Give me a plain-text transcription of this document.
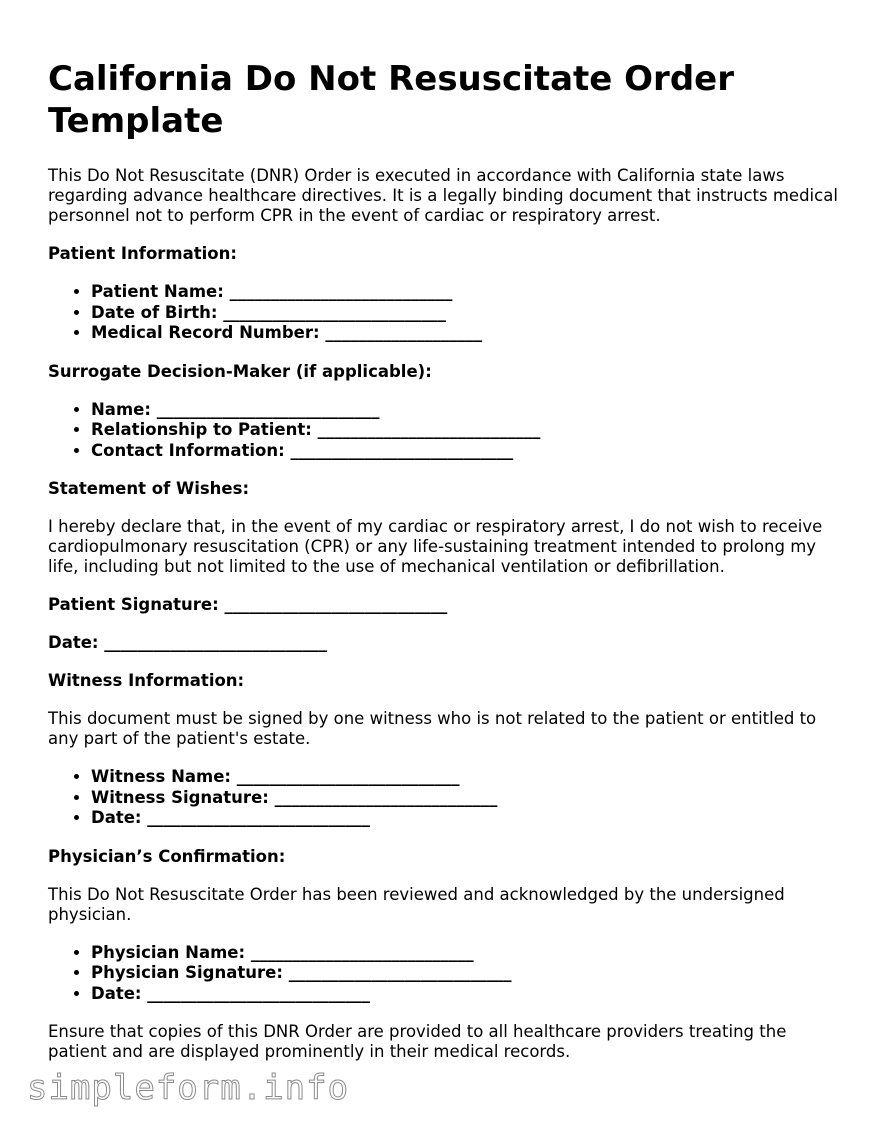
California Do Not Resuscitate Order Template

This Do Not Resuscitate (DNR) Order is executed in accordance with California state laws regarding advance healthcare directives. It is a legally binding document that instructs medical personnel not to perform CPR in the event of cardiac or respiratory arrest.

Patient Information:
• Patient Name: ___________________________
• Date of Birth: ___________________________
• Medical Record Number: ___________________
Surrogate Decision-Maker (if applicable):
• Name: ___________________________
• Relationship to Patient: ___________________________
• Contact Information: ___________________________
Statement of Wishes:

I hereby declare that, in the event of my cardiac or respiratory arrest, I do not wish to receive cardiopulmonary resuscitation (CPR) or any life-sustaining treatment intended to prolong my life, including but not limited to the use of mechanical ventilation or defibrillation.

Patient Signature: ___________________________
Date: ___________________________
Witness Information:

This document must be signed by one witness who is not related to the patient or entitled to any part of the patient's estate.

• Witness Name: ___________________________
• Witness Signature: ___________________________
• Date: ___________________________
Physician’s Confirmation:

This Do Not Resuscitate Order has been reviewed and acknowledged by the undersigned physician.

• Physician Name: ___________________________
• Physician Signature: ___________________________
• Date: ___________________________

Ensure that copies of this DNR Order are provided to all healthcare providers treating the patient and are displayed prominently in their medical records.

simpleform.info
